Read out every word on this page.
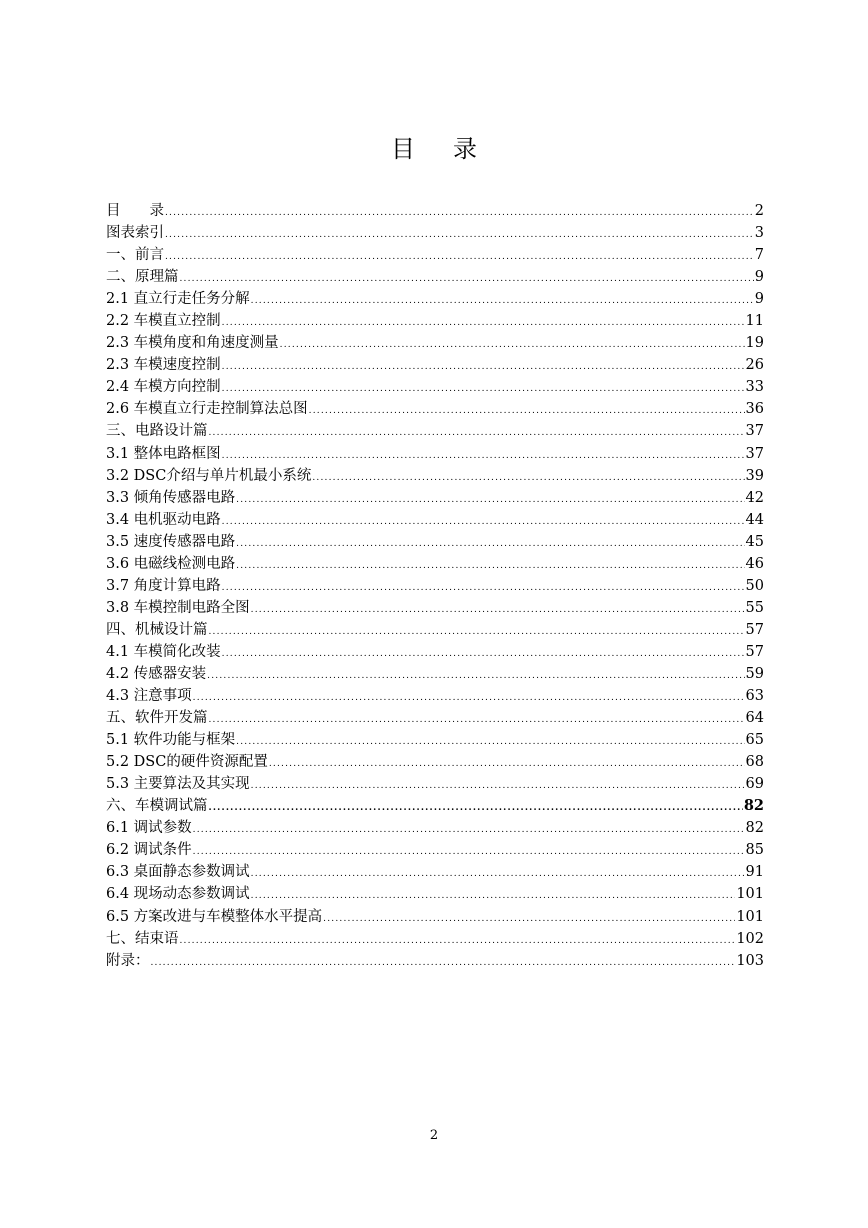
目 录
目　　录 .....	2
图表索引 .....	3
一、前言 .....	7
二、原理篇 .....	9
2.1 直立行走任务分解 .....	9
2.2 车模直立控制 .....	11
2.3 车模角度和角速度测量 .....	19
2.3 车模速度控制 .....	26
2.4 车模方向控制 .....	33
2.6 车模直立行走控制算法总图 .....	36
三、电路设计篇 .....	37
3.1 整体电路框图 .....	37
3.2 DSC介绍与单片机最小系统 .....	39
3.3 倾角传感器电路 .....	42
3.4 电机驱动电路 .....	44
3.5 速度传感器电路 .....	45
3.6 电磁线检测电路 .....	46
3.7 角度计算电路 .....	50
3.8 车模控制电路全图 .....	55
四、机械设计篇 .....	57
4.1 车模简化改装 .....	57
4.2 传感器安装 .....	59
4.3 注意事项 .....	63
五、软件开发篇 .....	64
5.1 软件功能与框架 .....	65
5.2 DSC的硬件资源配置 .....	68
5.3 主要算法及其实现 .....	69
六、车模调试篇 .....	82
6.1 调试参数 .....	82
6.2 调试条件 .....	85
6.3 桌面静态参数调试 .....	91
6.4 现场动态参数调试 .....	101
6.5 方案改进与车模整体水平提高 .....	101
七、结束语 .....	102
附录： .....	103
2
